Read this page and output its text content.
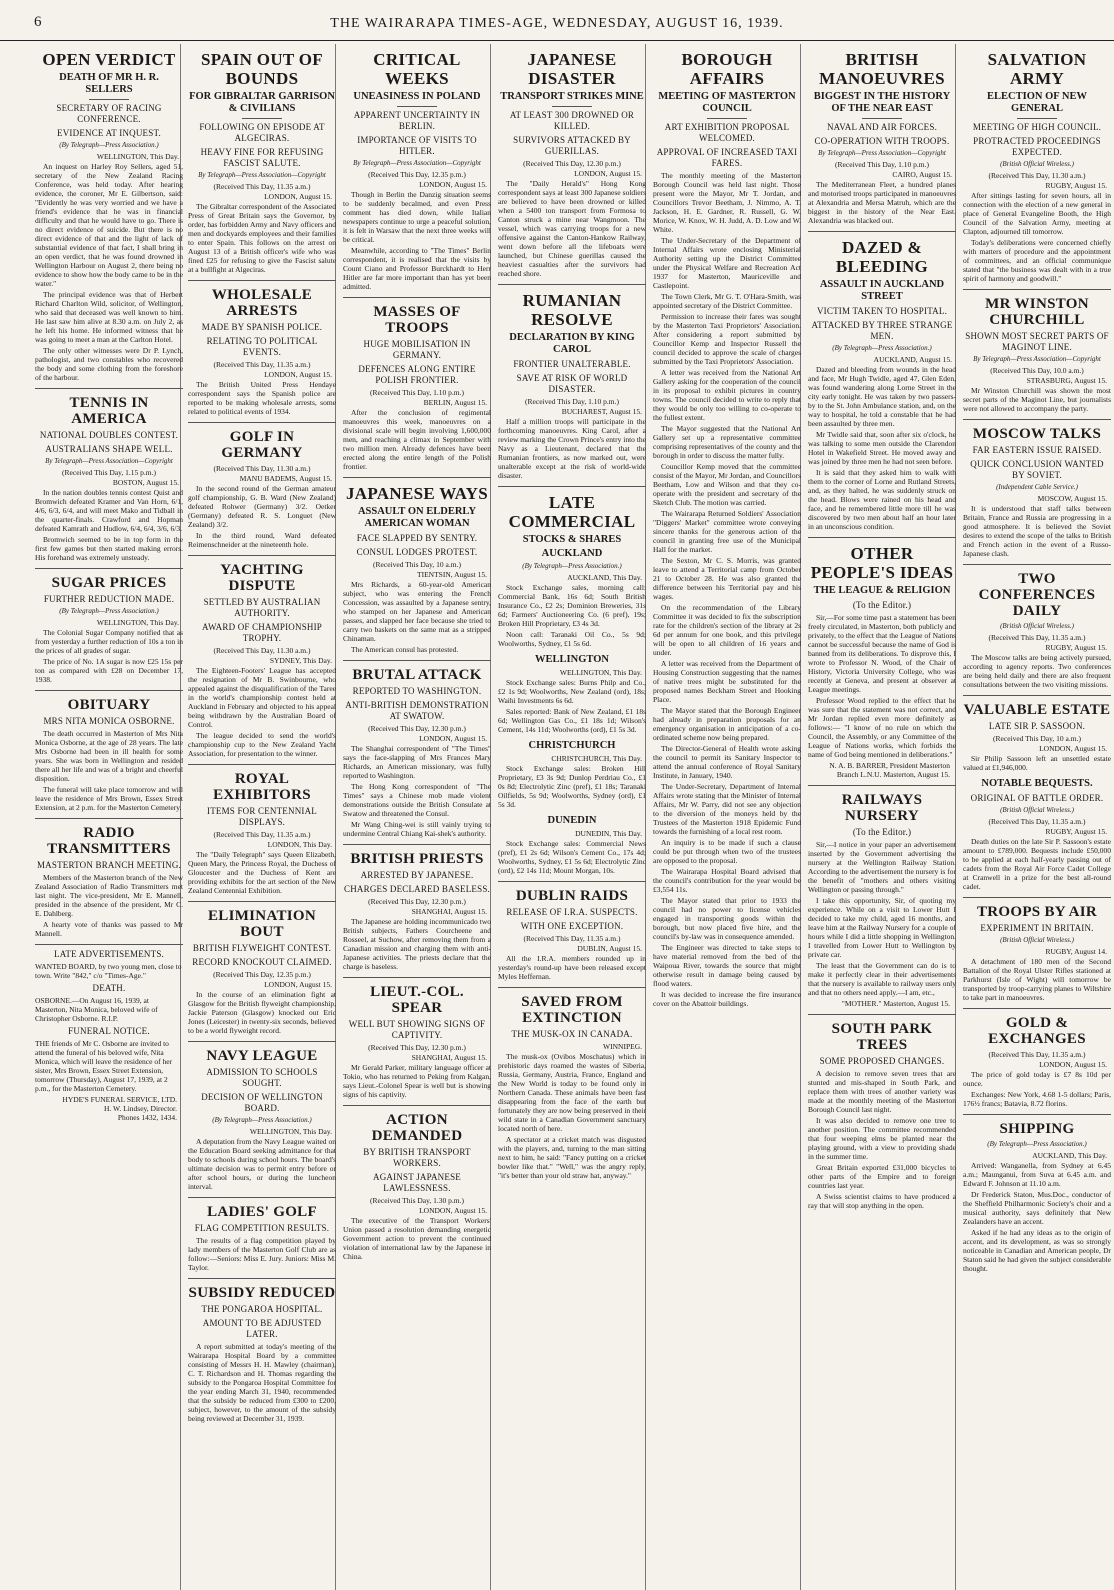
6	THE WAIRARAPA TIMES-AGE, WEDNESDAY, AUGUST 16, 1939.
OPEN VERDICT
DEATH OF MR H. R. SELLERS
SECRETARY OF RACING CONFERENCE.
EVIDENCE AT INQUEST.
(By Telegraph—Press Association.)
WELLINGTON, This Day.

An inquest on Harley Roy Sellers, aged 51, secretary of the New Zealand Racing Conference, was held today. After hearing evidence, the coroner, Mr E. Gilbertson, said: "Evidently he was very worried and we have a friend's evidence that he was in financial difficulty and that he would have to go. There is no direct evidence of suicide. But there is no direct evidence of that and the light of lack of substantial evidence of that fact, I shall bring in an open verdict, that he was found drowned in Wellington Harbour on August 2, there being no evidence to show how the body came to be in the water."

The principal evidence was that of Herbert Richard Charlton Wild, solicitor, of Wellington, who said that deceased was well known to him. He last saw him alive at 8.30 a.m. on July 2, as he left his home. He informed witness that he was going to meet a man at the Carlton Hotel.

The only other witnesses were Dr P. Lynch, pathologist, and two constables who recovered the body and some clothing from the foreshore of the harbour.

TENNIS IN AMERICA
NATIONAL DOUBLES CONTEST.
AUSTRALIANS SHAPE WELL.
By Telegraph—Press Association—Copyright
(Received This Day, 1.15 p.m.)
BOSTON, August 15.

In the nation doubles tennis contest Quist and Bromwich defeated Kramer and Van Horn, 6/1, 4/6, 6/3, 6/4, and will meet Mako and Tidball in the quarter-finals. Crawford and Hopman defeated Kamrath and Hudlow, 6/4, 6/4, 3/6, 6/3.

Bromwich seemed to be in top form in the first few games but then started making errors. His forehand was extremely unsteady.

SUGAR PRICES
FURTHER REDUCTION MADE.
(By Telegraph—Press Association.)
WELLINGTON, This Day.

The Colonial Sugar Company notified that as from yesterday a further reduction of 10s a ton in the prices of all grades of sugar.

The price of No. 1A sugar is now £25 15s per ton as compared with £28 on December 17, 1938.

OBITUARY
MRS NITA MONICA OSBORNE.

The death occurred in Masterton of Mrs Nita Monica Osborne, at the age of 28 years. The late Mrs Osborne had been in ill health for some years. She was born in Wellington and resided there all her life and was of a bright and cheerful disposition.

The funeral will take place tomorrow and will leave the residence of Mrs Brown, Essex Street Extension, at 2 p.m. for the Masterton Cemetery.

RADIO TRANSMITTERS
MASTERTON BRANCH MEETING.

Members of the Masterton branch of the New Zealand Association of Radio Transmitters met last night. The vice-president, Mr E. Mannell, presided in the absence of the president, Mr C. E. Dahlberg.

A hearty vote of thanks was passed to Mr Mannell.

LATE ADVERTISEMENTS.

WANTED BOARD, by two young men, close to town. Write "842," c/o "Times-Age."

DEATH.

OSBORNE.—On August 16, 1939, at Masterton, Nita Monica, beloved wife of Christopher Osborne. R.I.P.

FUNERAL NOTICE.

THE friends of Mr C. Osborne are invited to attend the funeral of his beloved wife, Nita Monica, which will leave the residence of her sister, Mrs Brown, Essex Street Extension, tomorrow (Thursday), August 17, 1939, at 2 p.m., for the Masterton Cemetery.

HYDE'S FUNERAL SERVICE, LTD.
H. W. Lindsey, Director.
Phones 1432, 1434.
SPAIN OUT OF BOUNDS
FOR GIBRALTAR GARRISON & CIVILIANS
FOLLOWING ON EPISODE AT ALGECIRAS.
HEAVY FINE FOR REFUSING FASCIST SALUTE.
By Telegraph—Press Association—Copyright
(Received This Day, 11.35 a.m.)
LONDON, August 15.

The Gibraltar correspondent of the Associated Press of Great Britain says the Governor, by order, has forbidden Army and Navy officers and men and dockyards employees and their families to enter Spain. This follows on the arrest on August 13 of a British officer's wife who was fined £25 for refusing to give the Fascist salute at a bullfight at Algeciras.

WHOLESALE ARRESTS
MADE BY SPANISH POLICE.
RELATING TO POLITICAL EVENTS.
(Received This Day, 11.35 a.m.)
LONDON, August 15.

The British United Press Hendaye correspondent says the Spanish police are reported to be making wholesale arrests, some related to political events of 1934.

GOLF IN GERMANY
(Received This Day, 11.30 a.m.)
MANU BADEMS, August 15.

In the second round of the German amateur golf championship, G. B. Ward (New Zealand) defeated Rohwer (Germany) 3/2. Oetker (Germany) defeated R. S. Longuet (New Zealand) 3/2.

In the third round, Ward defeated Reimenschneider at the nineteenth hole.

YACHTING DISPUTE
SETTLED BY AUSTRALIAN AUTHORITY.
AWARD OF CHAMPIONSHIP TROPHY.
(Received This Day, 11.30 a.m.)
SYDNEY, This Day.

The Eighteen-Footers' League has accepted the resignation of Mr B. Swinbourne, who appealed against the disqualification of the Taree in the world's championship contest held at Auckland in February and objected to his appeal being withdrawn by the Australian Board of Control.

The league decided to send the world's championship cup to the New Zealand Yacht Association, for presentation to the winner.

ROYAL EXHIBITORS
ITEMS FOR CENTENNIAL DISPLAYS.
(Received This Day, 11.35 a.m.)
LONDON, This Day.

The "Daily Telegraph" says Queen Elizabeth, Queen Mary, the Princess Royal, the Duchess of Gloucester and the Duchess of Kent are providing exhibits for the art section of the New Zealand Centennial Exhibition.

ELIMINATION BOUT
BRITISH FLYWEIGHT CONTEST.
RECORD KNOCKOUT CLAIMED.
(Received This Day, 12.35 p.m.)
LONDON, August 15.

In the course of an elimination fight at Glasgow for the British flyweight championship, Jackie Paterson (Glasgow) knocked out Eric Jones (Leicester) in twenty-six seconds, believed to be a world flyweight record.

NAVY LEAGUE
ADMISSION TO SCHOOLS SOUGHT.
DECISION OF WELLINGTON BOARD.
(By Telegraph—Press Association.)
WELLINGTON, This Day.

A deputation from the Navy League waited on the Education Board seeking admittance for that body to schools during school hours. The board's ultimate decision was to permit entry before or after school hours, or during the luncheon interval.

LADIES' GOLF
FLAG COMPETITION RESULTS.

The results of a flag competition played by lady members of the Masterton Golf Club are as follow:—Seniors: Miss E. Jury. Juniors: Miss M. Taylor.

SUBSIDY REDUCED
THE PONGAROA HOSPITAL.
AMOUNT TO BE ADJUSTED LATER.

A report submitted at today's meeting of the Wairarapa Hospital Board by a committee consisting of Messrs H. H. Mawley (chairman), C. T. Richardson and H. Thomas regarding the subsidy to the Pongaroa Hospital Committee for the year ending March 31, 1940, recommended that the subsidy be reduced from £300 to £200, subject, however, to the amount of the subsidy being reviewed at December 31, 1939.

CRITICAL WEEKS
UNEASINESS IN POLAND
APPARENT UNCERTAINTY IN BERLIN.
IMPORTANCE OF VISITS TO HITLER.
By Telegraph—Press Association—Copyright
(Received This Day, 12.35 p.m.)
LONDON, August 15.

Though in Berlin the Danzig situation seems to be suddenly becalmed, and even Press comment has died down, while Italian newspapers continue to urge a peaceful solution, it is felt in Warsaw that the next three weeks will be critical.

Meanwhile, according to "The Times" Berlin correspondent, it is realised that the visits by Count Ciano and Professor Burckhardt to Herr Hitler are far more important than has yet been admitted.

MASSES OF TROOPS
HUGE MOBILISATION IN GERMANY.
DEFENCES ALONG ENTIRE POLISH FRONTIER.
(Received This Day, 1.10 p.m.)
BERLIN, August 15.

After the conclusion of regimental manoeuvres this week, manoeuvres on a divisional scale will begin involving 1,600,000 men, and reaching a climax in September with two million men. Already defences have been erected along the entire length of the Polish frontier.

JAPANESE WAYS
ASSAULT ON ELDERLY AMERICAN WOMAN
FACE SLAPPED BY SENTRY.
CONSUL LODGES PROTEST.
(Received This Day, 10 a.m.)
TIENTSIN, August 15.

Mrs Richards, a 60-year-old American subject, who was entering the French Concession, was assaulted by a Japanese sentry, who stamped on her Japanese and American passes, and slapped her face because she tried to carry two baskets on the same mat as a stripped Chinaman.

The American consul has protested.

BRUTAL ATTACK
REPORTED TO WASHINGTON.
ANTI-BRITISH DEMONSTRATION AT SWATOW.
(Received This Day, 12.30 p.m.)
LONDON, August 15.

The Shanghai correspondent of "The Times" says the face-slapping of Mrs Frances Mary Richards, an American missionary, was fully reported to Washington.

The Hong Kong correspondent of "The Times" says a Chinese mob made violent demonstrations outside the British Consulate at Swatow and threatened the Consul.

Mr Wang Ching-wei is still vainly trying to undermine Central Chiang Kai-shek's authority.

BRITISH PRIESTS
ARRESTED BY JAPANESE.
CHARGES DECLARED BASELESS.
(Received This Day, 12.30 p.m.)
SHANGHAI, August 15.

The Japanese are holding incommunicado two British subjects, Fathers Courcheene and Rosseel, at Suchow, after removing them from a Canadian mission and charging them with anti-Japanese activities. The priests declare that the charge is baseless.

LIEUT.-COL. SPEAR
WELL BUT SHOWING SIGNS OF CAPTIVITY.
(Received This Day, 12.30 p.m.)
SHANGHAI, August 15.

Mr Gerald Parker, military language officer at Tokio, who has returned to Peking from Kalgan, says Lieut.-Colonel Spear is well but is showing signs of his captivity.

ACTION DEMANDED
BY BRITISH TRANSPORT WORKERS.
AGAINST JAPANESE LAWLESSNESS.
(Received This Day, 1.30 p.m.)
LONDON, August 15.

The executive of the Transport Workers' Union passed a resolution demanding energetic Government action to prevent the continued violation of international law by the Japanese in China.

JAPANESE DISASTER
TRANSPORT STRIKES MINE
AT LEAST 300 DROWNED OR KILLED.
SURVIVORS ATTACKED BY GUERILLAS.
(Received This Day, 12.30 p.m.)
LONDON, August 15.

The "Daily Herald's" Hong Kong correspondent says at least 300 Japanese soldiers are believed to have been drowned or killed when a 5400 ton transport from Formosa to Canton struck a mine near Wangmoon. The vessel, which was carrying troops for a new offensive against the Canton-Hankow Railway, went down before all the lifeboats were launched, but Chinese guerillas caused the heaviest casualties after the survivors had reached shore.

RUMANIAN RESOLVE
DECLARATION BY KING CAROL
FRONTIER UNALTERABLE.
SAVE AT RISK OF WORLD DISASTER.
(Received This Day, 1.10 p.m.)
BUCHAREST, August 15.

Half a million troops will participate in the forthcoming manoeuvres. King Carol, after a review marking the Crown Prince's entry into the Navy as a Lieutenant, declared that the Rumanian frontiers, as now marked out, were unalterable except at the risk of world-wide disaster.

LATE COMMERCIAL
STOCKS & SHARES
AUCKLAND
(By Telegraph—Press Association.)
AUCKLAND, This Day.

Stock Exchange sales, morning call: Commercial Bank, 16s 6d; South British Insurance Co., £2 2s; Dominion Breweries, 31s 6d; Farmers' Auctioneering Co. (6 pref), 19s; Broken Hill Proprietary, £3 4s 3d.

Noon call: Taranaki Oil Co., 5s 9d; Woolworths, Sydney, £1 5s 6d.

WELLINGTON
WELLINGTON, This Day.

Stock Exchange sales: Burns Philp and Co., £2 1s 9d; Woolworths, New Zealand (ord), 18s; Waihi Investments 6s 6d.

Sales reported: Bank of New Zealand, £1 18s 6d; Wellington Gas Co., £1 18s 1d; Wilson's Cement, 14s 11d; Woolworths (ord), £1 5s 3d.

CHRISTCHURCH
CHRISTCHURCH, This Day.

Stock Exchange sales: Broken Hill Proprietary, £3 3s 9d; Dunlop Perdriau Co., £1 0s 8d; Electrolytic Zinc (pref), £1 18s; Taranaki Oilfields, 5s 9d; Woolworths, Sydney (ord), £1 5s 3d.

DUNEDIN
DUNEDIN, This Day.

Stock Exchange sales: Commercial News (pref), £1 2s 6d; Wilson's Cement Co., 17s 4d; Woolworths, Sydney, £1 5s 6d; Electrolytic Zinc (ord), £2 14s 11d; Mount Morgan, 10s.

DUBLIN RAIDS
RELEASE OF I.R.A. SUSPECTS.
WITH ONE EXCEPTION.
(Received This Day, 11.35 a.m.)
DUBLIN, August 15.

All the I.R.A. members rounded up in yesterday's round-up have been released except Myles Heffernan.

SAVED FROM EXTINCTION
THE MUSK-OX IN CANADA.
WINNIPEG.

The musk-ox (Ovibos Moschatus) which in prehistoric days roamed the wastes of Siberia, Russia, Germany, Austria, France, England and the New World is today to be found only in Northern Canada. These animals have been fast disappearing from the face of the earth but fortunately they are now being preserved in their wild state in a Canadian Government sanctuary located north of here.

A spectator at a cricket match was disgusted with the players, and, turning to the man sitting next to him, he said: "Fancy putting on a cricket bowler like that." "Well," was the angry reply, "it's better than your old straw hat, anyway."

BOROUGH AFFAIRS
MEETING OF MASTERTON COUNCIL
ART EXHIBITION PROPOSAL WELCOMED.
APPROVAL OF INCREASED TAXI FARES.

The monthly meeting of the Masterton Borough Council was held last night. Those present were the Mayor, Mr T. Jordan, and Councillors Trevor Beetham, J. Nimmo, A. T. Jackson, H. E. Gardner, R. Russell, G. W. Morice, W. Knox, W. H. Judd, A. D. Low and W. White.

The Under-Secretary of the Department of Internal Affairs wrote enclosing Ministerial Authority setting up the District Committee under the Physical Welfare and Recreation Act 1937 for Masterton, Mauriceville and Castlepoint.

The Town Clerk, Mr G. T. O'Hara-Smith, was appointed secretary of the District Committee.

Permission to increase their fares was sought by the Masterton Taxi Proprietors' Association. After considering a report submitted by Councillor Kemp and Inspector Russell the council decided to approve the scale of charges submitted by the Taxi Proprietors' Association.

A letter was received from the National Art Gallery asking for the cooperation of the council in its proposal to exhibit pictures in country towns. The council decided to write to reply that they would be only too willing to co-operate to the fullest extent.

The Mayor suggested that the National Art Gallery set up a representative committee comprising representatives of the county and the borough in order to discuss the matter fully.

Councillor Kemp moved that the committee consist of the Mayor, Mr Jordan, and Councillors Beetham, Low and Wilson and that they co-operate with the president and secretary of the Sketch Club. The motion was carried.

The Wairarapa Returned Soldiers' Association "Diggers' Market" committee wrote conveying sincere thanks for the generous action of the council in granting free use of the Municipal Hall for the market.

The Sexton, Mr C. S. Morris, was granted leave to attend a Territorial camp from October 21 to October 28. He was also granted the difference between his Territorial pay and his wages.

On the recommendation of the Library Committee it was decided to fix the subscription rate for the children's section of the library at 2s 6d per annum for one book, and this privilege will be open to all children of 16 years and under.

A letter was received from the Department of Housing Construction suggesting that the names of native trees might be substituted for the proposed names Beckham Street and Hooking Place.

The Mayor stated that the Borough Engineer had already in preparation proposals for an emergency organisation in anticipation of a co-ordinated scheme now being prepared.

The Director-General of Health wrote asking the council to permit its Sanitary Inspector to attend the annual conference of Royal Sanitary Institute, in January, 1940.

The Under-Secretary, Department of Internal Affairs wrote stating that the Minister of Internal Affairs, Mr W. Parry, did not see any objection to the diversion of the moneys held by the Trustees of the Masterton 1918 Epidemic Fund towards the furnishing of a local rest room.

An inquiry is to be made if such a clause could be put through when two of the trustees are opposed to the proposal.

The Wairarapa Hospital Board advised that the council's contribution for the year would be £3,554 11s.

The Mayor stated that prior to 1933 the council had no power to license vehicles engaged in transporting goods within the borough, but now placed five hire, and the council's by-law was in consequence amended.

The Engineer was directed to take steps to have material removed from the bed of the Waipoua River, towards the source that might otherwise result in damage being caused by flood waters.

It was decided to increase the fire insurance cover on the Abattoir buildings.

BRITISH MANOEUVRES
BIGGEST IN THE HISTORY OF THE NEAR EAST
NAVAL AND AIR FORCES.
CO-OPERATION WITH TROOPS.
By Telegraph—Press Association—Copyright
(Received This Day, 1.10 p.m.)
CAIRO, August 15.

The Mediterranean Fleet, a hundred planes and motorised troops participated in manoeuvres at Alexandria and Mersa Matruh, which are the biggest in the history of the Near East. Alexandria was blacked out.

DAZED & BLEEDING
ASSAULT IN AUCKLAND STREET
VICTIM TAKEN TO HOSPITAL.
ATTACKED BY THREE STRANGE MEN.
(By Telegraph—Press Association.)
AUCKLAND, August 15.

Dazed and bleeding from wounds in the head and face, Mr Hugh Twidle, aged 47, Glen Eden, was found wandering along Lorne Street in the city early tonight. He was taken by two passers-by to the St. John Ambulance station, and, on the way to hospital, he told a constable that he had been assaulted by three men.

Mr Twidle said that, soon after six o'clock, he was talking to some men outside the Clarendon Hotel in Wakefield Street. He moved away and was joined by three men he had not seen before.

It is said that they asked him to walk with them to the corner of Lorne and Rutland Streets, and, as they halted, he was suddenly struck on the head. Blows were rained on his head and face, and he remembered little more till he was discovered by two men about half an hour later in an unconscious condition.

OTHER PEOPLE'S IDEAS
THE LEAGUE & RELIGION
(To the Editor.)

Sir,—For some time past a statement has been freely circulated, in Masterton, both publicly and privately, to the effect that the League of Nations cannot be successful because the name of God is banned from its deliberations. To disprove this, I wrote to Professor N. Wood, of the Chair of History, Victoria University College, who was recently at Geneva, and present at observer at League meetings.

Professor Wood replied to the effect that he was sure that the statement was not correct, and Mr Jordan replied even more definitely as follows:— "I know of no rule on which the Council, the Assembly, or any Committee of the League of Nations works, which forbids the name of God being mentioned in deliberations."

N. A. B. BARRER, President Masterton Branch L.N.U. Masterton, August 15.
RAILWAYS NURSERY
(To the Editor.)

Sir,—I notice in your paper an advertisement inserted by the Government advertising the nursery at the Wellington Railway Station. According to the advertisement the nursery is for the benefit of "mothers and others visiting Wellington or passing through."

I take this opportunity, Sir, of quoting my experience. While on a visit to Lower Hutt I decided to take my child, aged 16 months, and leave him at the Railway Nursery for a couple of hours while I did a little shopping in Wellington. I travelled from Lower Hutt to Wellington by private car.

The least that the Government can do is to make it perfectly clear in their advertisements that the nursery is available to railway users only and that no others need apply.—I am, etc.,

"MOTHER." Masterton, August 15.
SOUTH PARK TREES
SOME PROPOSED CHANGES.

A decision to remove seven trees that are stunted and mis-shaped in South Park, and replace them with trees of another variety was made at the monthly meeting of the Masterton Borough Council last night.

It was also decided to remove one tree to another position. The committee recommended that four weeping elms be planted near the playing ground, with a view to providing shade in the summer time.

Great Britain exported £31,000 bicycles to other parts of the Empire and to foreign countries last year.

A Swiss scientist claims to have produced a ray that will stop anything in the open.

SALVATION ARMY
ELECTION OF NEW GENERAL
MEETING OF HIGH COUNCIL.
PROTRACTED PROCEEDINGS EXPECTED.
(British Official Wireless.)
(Received This Day, 11.30 a.m.)
RUGBY, August 15.

After sittings lasting for seven hours, all in connection with the election of a new general in place of General Evangeline Booth, the High Council of the Salvation Army, meeting at Clapton, adjourned till tomorrow.

Today's deliberations were concerned chiefly with matters of procedure and the appointment of committees, and an official communique stated that "the business was dealt with in a true spirit of harmony and goodwill."

MR WINSTON CHURCHILL
SHOWN MOST SECRET PARTS OF MAGINOT LINE.
By Telegraph—Press Association—Copyright
(Received This Day, 10.0 a.m.)
STRASBURG, August 15.

Mr Winston Churchill was shown the most secret parts of the Maginot Line, but journalists were not allowed to accompany the party.

MOSCOW TALKS
FAR EASTERN ISSUE RAISED.
QUICK CONCLUSION WANTED BY SOVIET.
(Independent Cable Service.)
MOSCOW, August 15.

It is understood that staff talks between Britain, France and Russia are progressing in a good atmosphere. It is believed the Soviet desires to extend the scope of the talks to British and French action in the event of a Russo-Japanese clash.

TWO CONFERENCES DAILY
(British Official Wireless.)
(Received This Day, 11.35 a.m.)
RUGBY, August 15.

The Moscow talks are being actively pursued, according to agency reports. Two conferences are being held daily and there are also frequent consultations between the two visiting missions.

VALUABLE ESTATE
LATE SIR P. SASSOON.
(Received This Day, 10 a.m.)
LONDON, August 15.

Sir Philip Sassoon left an unsettled estate valued at £1,946,000.

NOTABLE BEQUESTS.
ORIGINAL OF BATTLE ORDER.
(British Official Wireless.)
(Received This Day, 11.35 a.m.)
RUGBY, August 15.

Death duties on the late Sir P. Sassoon's estate amount to £789,000. Bequests include £50,000 to be applied at each half-yearly passing out of cadets from the Royal Air Force Cadet College at Cranwell in a prize for the best all-round cadet.

TROOPS BY AIR
EXPERIMENT IN BRITAIN.
(British Official Wireless.)
RUGBY, August 14.

A detachment of 180 men of the Second Battalion of the Royal Ulster Rifles stationed at Parkhurst (Isle of Wight) will tomorrow be transported by troop-carrying planes to Wiltshire to take part in manoeuvres.

GOLD & EXCHANGES
(Received This Day, 11.35 a.m.)
LONDON, August 15.

The price of gold today is £7 8s 10d per ounce.

Exchanges: New York, 4.68 1-5 dollars; Paris, 176½ francs; Batavia, 8.72 florins.

SHIPPING
(By Telegraph—Press Association.)
AUCKLAND, This Day.

Arrived: Wanganella, from Sydney at 6.45 a.m.; Maunganui, from Suva at 6.45 a.m. and Edward F. Johnson at 11.10 a.m.

Dr Frederick Staton, Mus.Doc., conductor of the Sheffield Philharmonic Society's choir and a musical authority, says definitely that New Zealanders have an accent.

Asked if he had any ideas as to the origin of accent, and its development, as was so strongly noticeable in Canadian and American people, Dr Staton said he had given the subject considerable thought.
